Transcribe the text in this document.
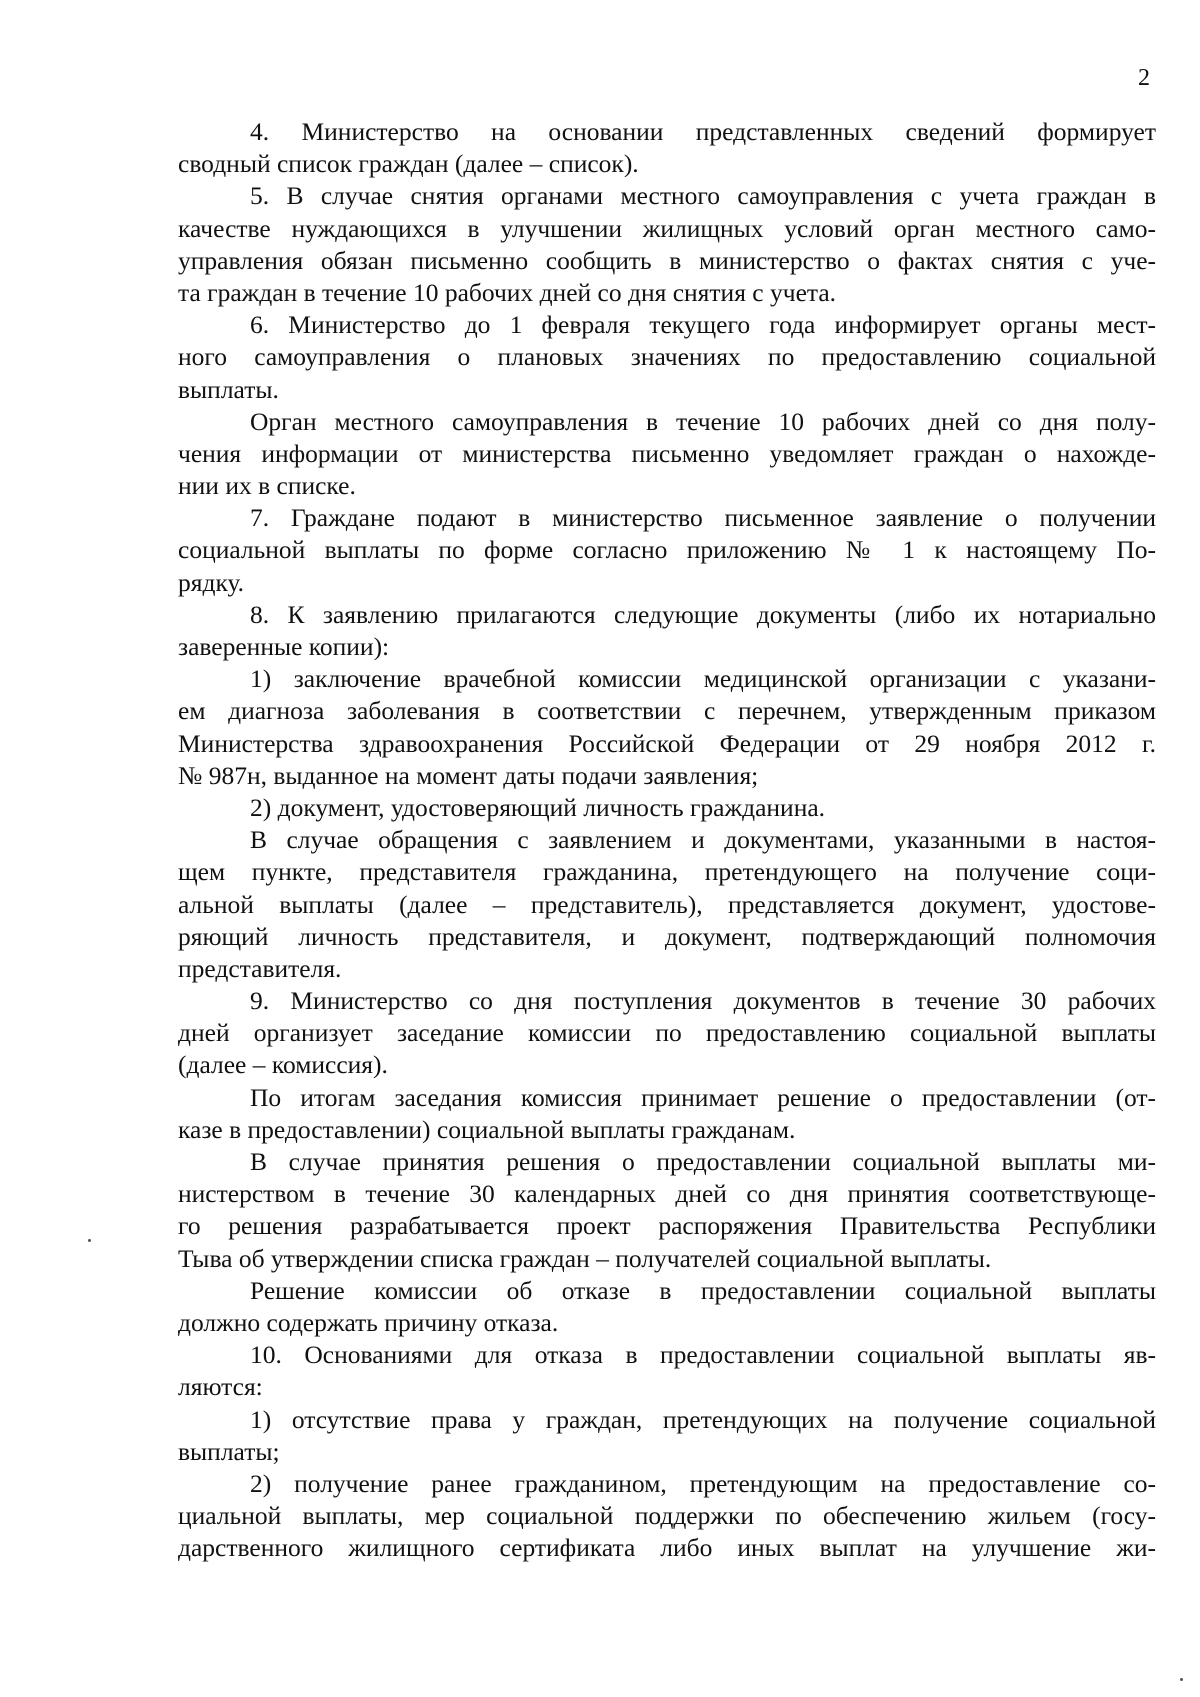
2
4. Министерство на основании представленных сведений формирует
сводный список граждан (далее – список).
5. В случае снятия органами местного самоуправления с учета граждан в
качестве нуждающихся в улучшении жилищных условий орган местного само-
управления обязан письменно сообщить в министерство о фактах снятия с уче-
та граждан в течение 10 рабочих дней со дня снятия с учета.
6. Министерство до 1 февраля текущего года информирует органы мест-
ного самоуправления о плановых значениях по предоставлению социальной
выплаты.
Орган местного самоуправления в течение 10 рабочих дней со дня полу-
чения информации от министерства письменно уведомляет граждан о нахожде-
нии их в списке.
7. Граждане подают в министерство письменное заявление о получении
социальной выплаты по форме согласно приложению № 1 к настоящему По-
рядку.
8. К заявлению прилагаются следующие документы (либо их нотариально
заверенные копии):
1) заключение врачебной комиссии медицинской организации с указани-
ем диагноза заболевания в соответствии с перечнем, утвержденным приказом
Министерства здравоохранения Российской Федерации от 29 ноября 2012 г.
№ 987н, выданное на момент даты подачи заявления;
2) документ, удостоверяющий личность гражданина.
В случае обращения с заявлением и документами, указанными в настоя-
щем пункте, представителя гражданина, претендующего на получение соци-
альной выплаты (далее – представитель), представляется документ, удостове-
ряющий личность представителя, и документ, подтверждающий полномочия
представителя.
9. Министерство со дня поступления документов в течение 30 рабочих
дней организует заседание комиссии по предоставлению социальной выплаты
(далее – комиссия).
По итогам заседания комиссия принимает решение о предоставлении (от-
казе в предоставлении) социальной выплаты гражданам.
В случае принятия решения о предоставлении социальной выплаты ми-
нистерством в течение 30 календарных дней со дня принятия соответствующе-
го решения разрабатывается проект распоряжения Правительства Республики
Тыва об утверждении списка граждан – получателей социальной выплаты.
Решение комиссии об отказе в предоставлении социальной выплаты
должно содержать причину отказа.
10. Основаниями для отказа в предоставлении социальной выплаты яв-
ляются:
1) отсутствие права у граждан, претендующих на получение социальной
выплаты;
2) получение ранее гражданином, претендующим на предоставление со-
циальной выплаты, мер социальной поддержки по обеспечению жильем (госу-
дарственного жилищного сертификата либо иных выплат на улучшение жи-
